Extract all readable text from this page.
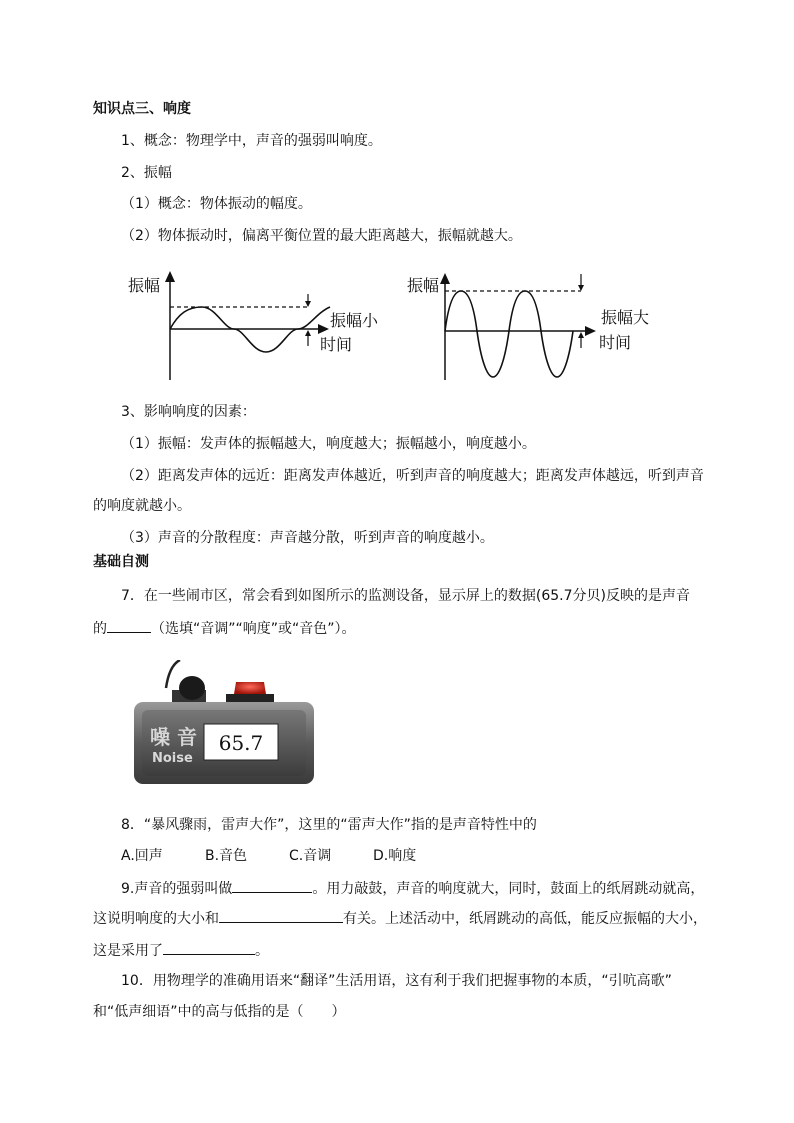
知识点三、响度
1、概念：物理学中，声音的强弱叫响度。
2、振幅
（1）概念：物体振动的幅度。
（2）物体振动时，偏离平衡位置的最大距离越大，振幅就越大。
振幅
振幅小
时间
振幅
振幅大
时间
3、影响响度的因素：
（1）振幅：发声体的振幅越大，响度越大；振幅越小，响度越小。
（2）距离发声体的远近：距离发声体越近，听到声音的响度越大；距离发声体越远，听到声音
的响度就越小。
（3）声音的分散程度：声音越分散，听到声音的响度越小。
基础自测
7．在一些闹市区，常会看到如图所示的监测设备，显示屏上的数据(65.7分贝)反映的是声音
的	（选填“音调”“响度”或“音色”）。
噪 音
Noise
65.7
8．“暴风骤雨，雷声大作”，这里的“雷声大作”指的是声音特性中的
A.回声	B.音色	C.音调	D.响度
9.声音的强弱叫做	。用力敲鼓，声音的响度就大，同时，鼓面上的纸屑跳动就高，
这说明响度的大小和	有关。上述活动中，纸屑跳动的高低，能反应振幅的大小，
这是采用了	。
10．用物理学的准确用语来“翻译”生活用语，这有利于我们把握事物的本质，“引吭高歌”
和“低声细语”中的高与低指的是（　　）
